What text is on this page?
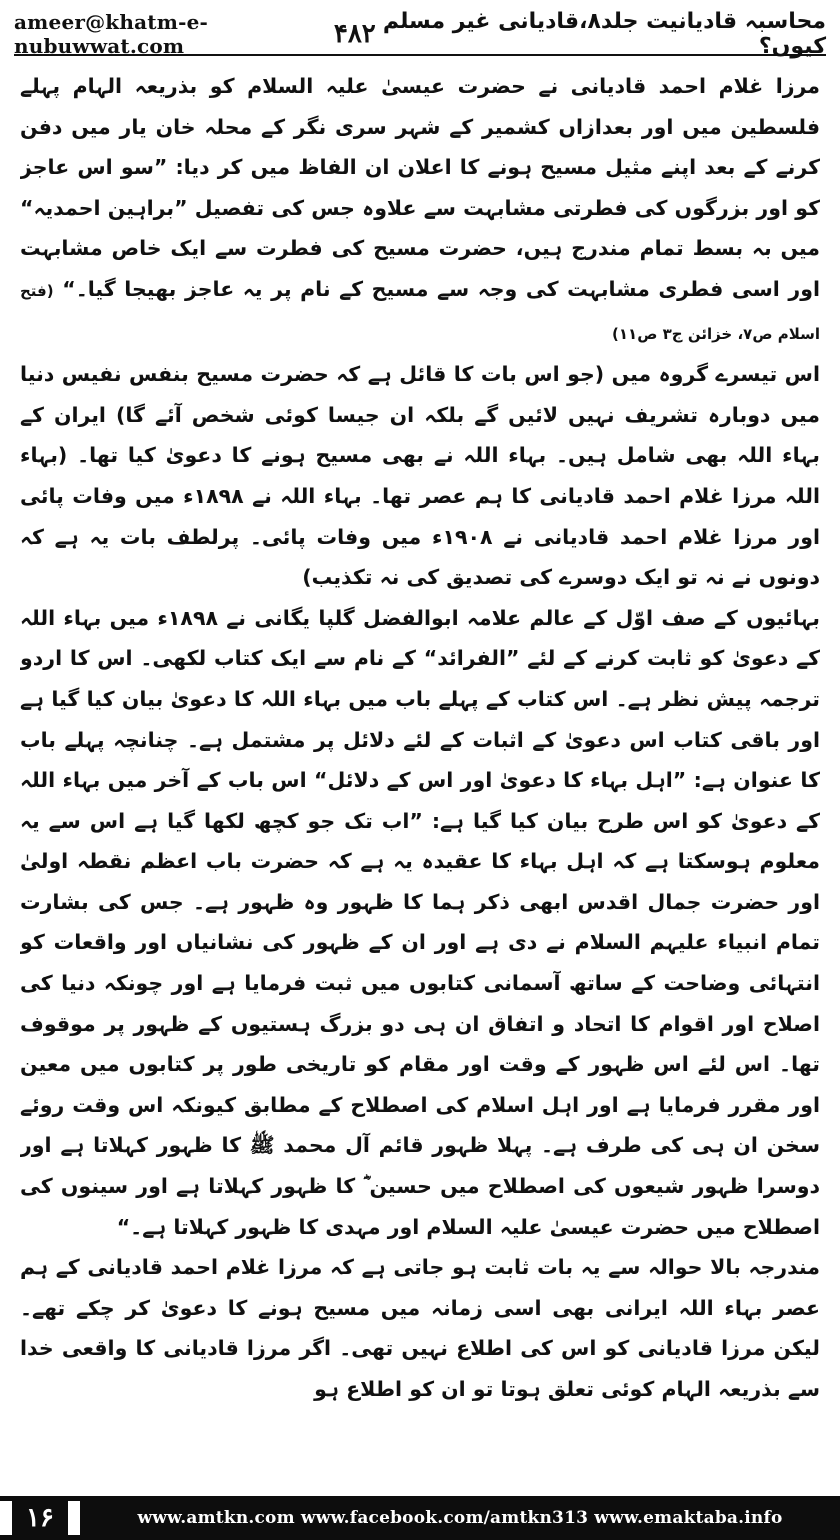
ameer@khatm-e-nubuwwat.com	۴۸۲ محاسبہ قادیانیت جلد۸،قادیانی غیر مسلم کیوں؟

مرزا غلام احمد قادیانی نے حضرت عیسیٰ علیہ السلام کو بذریعہ الہام پہلے فلسطین میں اور بعدازاں کشمیر کے شہر سری نگر کے محلہ خان یار میں دفن کرنے کے بعد اپنے مثیل مسیح ہونے کا اعلان ان الفاظ میں کر دیا: ”سو اس عاجز کو اور بزرگوں کی فطرتی مشابہت سے علاوہ جس کی تفصیل ”براہین احمدیہ“ میں بہ بسط تمام مندرج ہیں، حضرت مسیح کی فطرت سے ایک خاص مشابہت اور اسی فطری مشابہت کی وجہ سے مسیح کے نام پر یہ عاجز بھیجا گیا۔“ (فتح اسلام ص۷، خزائن ج۳ ص۱۱)

اس تیسرے گروہ میں (جو اس بات کا قائل ہے کہ حضرت مسیح بنفس نفیس دنیا میں دوبارہ تشریف نہیں لائیں گے بلکہ ان جیسا کوئی شخص آئے گا) ایران کے بہاء اللہ بھی شامل ہیں۔ بہاء اللہ نے بھی مسیح ہونے کا دعویٰ کیا تھا۔ (بہاء اللہ مرزا غلام احمد قادیانی کا ہم عصر تھا۔ بہاء اللہ نے ۱۸۹۸ء میں وفات پائی اور مرزا غلام احمد قادیانی نے ۱۹۰۸ء میں وفات پائی۔ پرلطف بات یہ ہے کہ دونوں نے نہ تو ایک دوسرے کی تصدیق کی نہ تکذیب)

بہائیوں کے صف اوّل کے عالم علامہ ابوالفضل گلپا یگانی نے ۱۸۹۸ء میں بہاء اللہ کے دعویٰ کو ثابت کرنے کے لئے ”الفرائد“ کے نام سے ایک کتاب لکھی۔ اس کا اردو ترجمہ پیش نظر ہے۔ اس کتاب کے پہلے باب میں بہاء اللہ کا دعویٰ بیان کیا گیا ہے اور باقی کتاب اس دعویٰ کے اثبات کے لئے دلائل پر مشتمل ہے۔ چنانچہ پہلے باب کا عنوان ہے: ”اہل بہاء کا دعویٰ اور اس کے دلائل“ اس باب کے آخر میں بہاء اللہ کے دعویٰ کو اس طرح بیان کیا گیا ہے: ”اب تک جو کچھ لکھا گیا ہے اس سے یہ معلوم ہوسکتا ہے کہ اہل بہاء کا عقیدہ یہ ہے کہ حضرت باب اعظم نقطہ اولیٰ اور حضرت جمال اقدس ابھی ذکر ہما کا ظہور وہ ظہور ہے۔ جس کی بشارت تمام انبیاء علیہم السلام نے دی ہے اور ان کے ظہور کی نشانیاں اور واقعات کو انتہائی وضاحت کے ساتھ آسمانی کتابوں میں ثبت فرمایا ہے اور چونکہ دنیا کی اصلاح اور اقوام کا اتحاد و اتفاق ان ہی دو بزرگ ہستیوں کے ظہور پر موقوف تھا۔ اس لئے اس ظہور کے وقت اور مقام کو تاریخی طور پر کتابوں میں معین اور مقرر فرمایا ہے اور اہل اسلام کی اصطلاح کے مطابق کیونکہ اس وقت روئے سخن ان ہی کی طرف ہے۔ پہلا ظہور قائم آل محمد ﷺ کا ظہور کہلاتا ہے اور دوسرا ظہور شیعوں کی اصطلاح میں حسین ؓ کا ظہور کہلاتا ہے اور سینوں کی اصطلاح میں حضرت عیسیٰ علیہ السلام اور مہدی کا ظہور کہلاتا ہے۔“

مندرجہ بالا حوالہ سے یہ بات ثابت ہو جاتی ہے کہ مرزا غلام احمد قادیانی کے ہم عصر بہاء اللہ ایرانی بھی اسی زمانہ میں مسیح ہونے کا دعویٰ کر چکے تھے۔ لیکن مرزا قادیانی کو اس کی اطلاع نہیں تھی۔ اگر مرزا قادیانی کا واقعی خدا سے بذریعہ الہام کوئی تعلق ہوتا تو ان کو اطلاع ہو

۱۶	www.amtkn.com www.facebook.com/amtkn313 www.emaktaba.info
